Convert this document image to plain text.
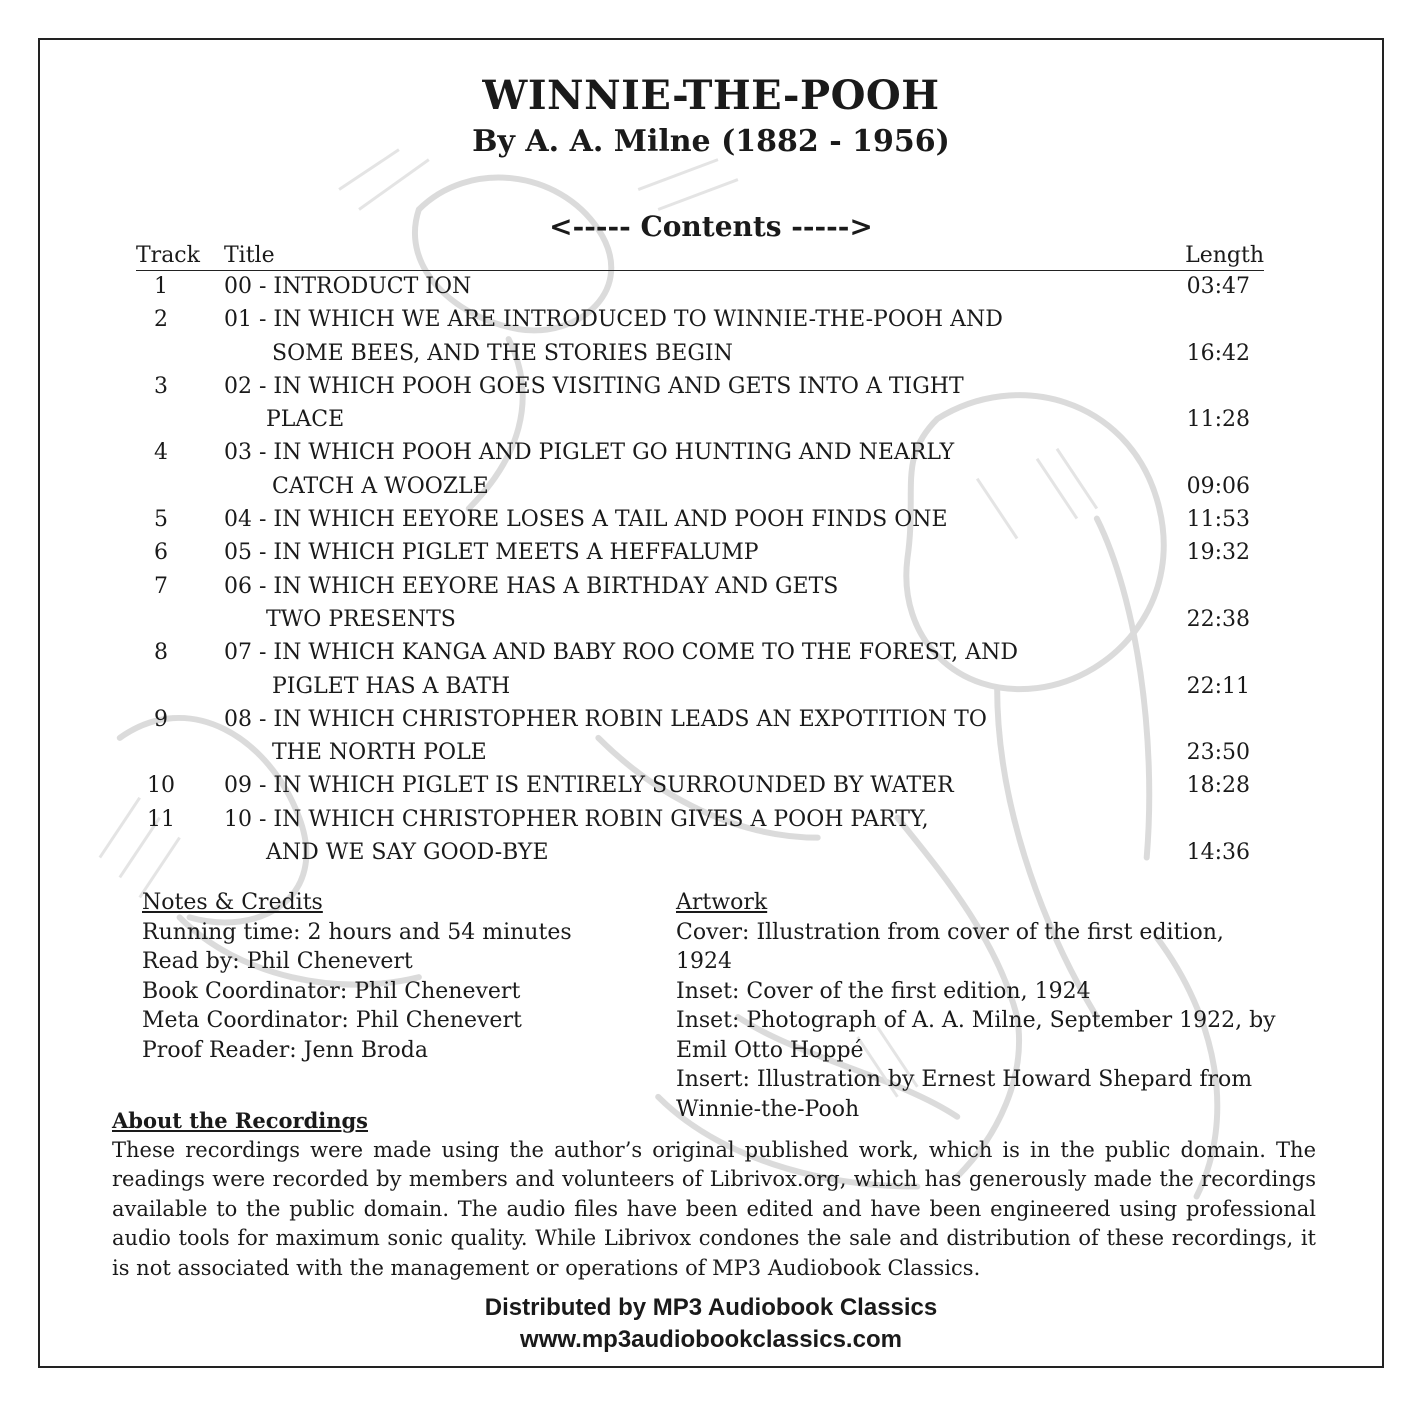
WINNIE-THE-POOH
By A. A. Milne (1882 - 1956)
<----- Contents ----->
Track Title	Length
1	00 - INTRODUCT ION	03:47
2	01 - IN WHICH WE ARE INTRODUCED TO WINNIE-THE-POOH AND
SOME BEES, AND THE STORIES BEGIN	16:42
3	02 - IN WHICH POOH GOES VISITING AND GETS INTO A TIGHT
PLACE	11:28
4	03 - IN WHICH POOH AND PIGLET GO HUNTING AND NEARLY
CATCH A WOOZLE	09:06
5	04 - IN WHICH EEYORE LOSES A TAIL AND POOH FINDS ONE	11:53
6	05 - IN WHICH PIGLET MEETS A HEFFALUMP	19:32
7	06 - IN WHICH EEYORE HAS A BIRTHDAY AND GETS
TWO PRESENTS	22:38
8	07 - IN WHICH KANGA AND BABY ROO COME TO THE FOREST, AND
PIGLET HAS A BATH	22:11
9	08 - IN WHICH CHRISTOPHER ROBIN LEADS AN EXPOTITION TO
THE NORTH POLE	23:50
10	09 - IN WHICH PIGLET IS ENTIRELY SURROUNDED BY WATER	18:28
11	10 - IN WHICH CHRISTOPHER ROBIN GIVES A POOH PARTY,
AND WE SAY GOOD-BYE	14:36
Notes & Credits
Running time: 2 hours and 54 minutes
Read by: Phil Chenevert
Book Coordinator: Phil Chenevert
Meta Coordinator: Phil Chenevert
Proof Reader: Jenn Broda
Artwork
Cover: Illustration from cover of the first edition, 1924
Inset: Cover of the first edition, 1924
Inset: Photograph of A. A. Milne, September 1922, by
Emil Otto Hoppé
Insert: Illustration by Ernest Howard Shepard from
Winnie-the-Pooh
About the Recordings
These recordings were made using the author’s original published work, which is in the public domain. The readings were recorded by members and volunteers of Librivox.org, which has generously made the recordings available to the public domain. The audio files have been edited and have been engineered using professional audio tools for maximum sonic quality. While Librivox condones the sale and distribution of these recordings, it is not associated with the management or operations of MP3 Audiobook Classics.
Distributed by MP3 Audiobook Classics
www.mp3audiobookclassics.com
